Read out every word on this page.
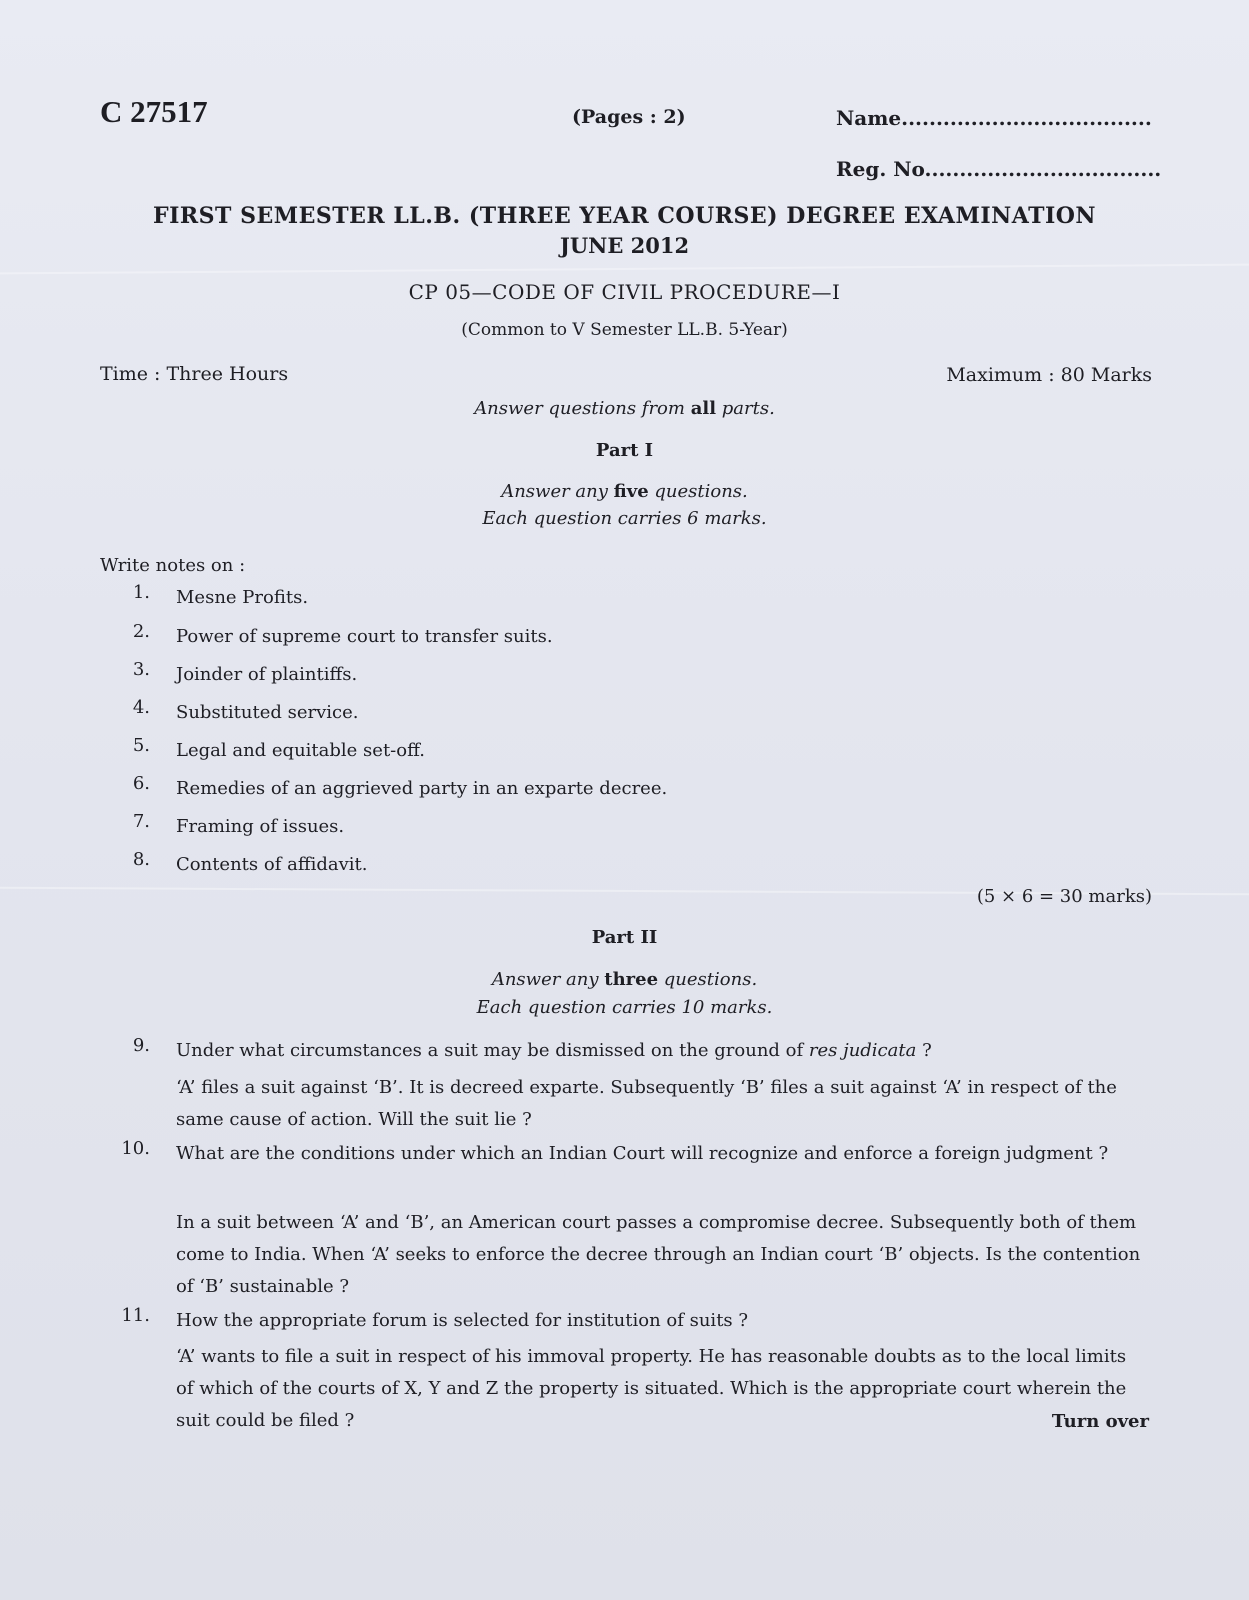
C 27517	(Pages : 2)	Name....................................
Reg. No..................................
FIRST SEMESTER LL.B. (THREE YEAR COURSE) DEGREE EXAMINATION
JUNE 2012
CP 05—CODE OF CIVIL PROCEDURE—I
(Common to V Semester LL.B. 5-Year)
Time : Three Hours	Maximum : 80 Marks
Answer questions from all parts.
Part I
Answer any five questions.
Each question carries 6 marks.
Write notes on :
1. Mesne Profits.
2. Power of supreme court to transfer suits.
3. Joinder of plaintiffs.
4. Substituted service.
5. Legal and equitable set-off.
6. Remedies of an aggrieved party in an exparte decree.
7. Framing of issues.
8. Contents of affidavit.
(5 × 6 = 30 marks)
Part II
Answer any three questions.
Each question carries 10 marks.
9. Under what circumstances a suit may be dismissed on the ground of res judicata ?
‘A’ files a suit against ‘B’. It is decreed exparte. Subsequently ‘B’ files a suit against ‘A’ in respect of the same cause of action. Will the suit lie ?
10. What are the conditions under which an Indian Court will recognize and enforce a foreign judgment ?
In a suit between ‘A’ and ‘B’, an American court passes a compromise decree. Subsequently both of them come to India. When ‘A’ seeks to enforce the decree through an Indian court ‘B’ objects. Is the contention of ‘B’ sustainable ?
11. How the appropriate forum is selected for institution of suits ?
‘A’ wants to file a suit in respect of his immoval property. He has reasonable doubts as to the local limits of which of the courts of X, Y and Z the property is situated. Which is the appropriate court wherein the suit could be filed ?	Turn over
